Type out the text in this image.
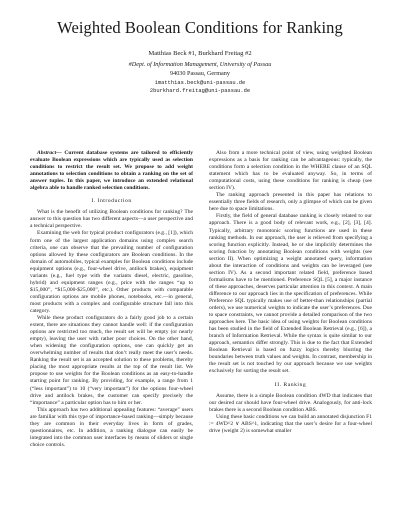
Weighted Boolean Conditions for Ranking
Matthias Beck #1, Burkhard Freitag #2
#Dept. of Information Management, University of Passau
94030 Passau, Germany
1matthias.beck@uni-passau.de
2burkhard.freitag@uni-passau.de

Abstract— Current database systems are tailored to efficiently evaluate Boolean expressions which are typically used as selection conditions to restrict the result set. We propose to add weight annotations to selection conditions to obtain a ranking on the set of answer tuples. In this paper, we introduce an extended relational algebra able to handle ranked selection conditions.

I. Introduction

What is the benefit of utilizing Boolean conditions for ranking? The answer to this question has two different aspects—a user perspective and a technical perspective.

Examining the web for typical product configurators (e.g., [1]), which form one of the largest application domains using complex search criteria, one can observe that the prevailing number of configuration options allowed by these configurators are Boolean conditions. In the domain of automobiles, typical examples for Boolean conditions include equipment options (e.g., four-wheel drive, antilock brakes), equipment variants (e.g., fuel type with the variants diesel, electric, gasoline, hybrid) and equipment ranges (e.g., price with the ranges “up to $15,000”, “$15,000-$25,000”, etc.). Other products with comparable configuration options are mobile phones, notebooks, etc.—in general, most products with a complex and configurable structure fall into this category.

While these product configurators do a fairly good job to a certain extent, there are situations they cannot handle well: if the configuration options are restricted too much, the result set will be empty (or nearly empty), leaving the user with rather poor choices. On the other hand, when widening the configuration options, one can quickly get an overwhelming number of results that don’t really meet the user’s needs. Ranking the result set is an accepted solution to these problems, thereby placing the most appropriate results at the top of the result list. We propose to use weights for the Boolean conditions as an easy-to-handle starting point for ranking. By providing, for example, a range from 1 (“less important”) to 10 (“very important”) for the options four-wheel drive and antilock brakes, the customer can specify precisely the “importance” a particular option has to him or her.

This approach has two additional appealing features: “average” users are familiar with this type of importance-based ranking—simply because they are common in their everyday lives in form of grades, questionnaires, etc. In addition, a ranking dialogue can easily be integrated into the common user interfaces by means of sliders or single choice controls.

Also from a more technical point of view, using weighted Boolean expressions as a basis for ranking can be advantageous: typically, the conditions form a selection condition in the WHERE clause of an SQL statement which has to be evaluated anyway. So, in terms of computational costs, using these conditions for ranking is cheap (see section IV).

The ranking approach presented in this paper has relations to essentially three fields of research, only a glimpse of which can be given here due to space limitations.

Firstly, the field of general database ranking is closely related to our approach. There is a good body of relevant work, e.g., [2], [3], [4]. Typically, arbitrary monotonic scoring functions are used in these ranking methods. In our approach, the user is relieved from specifying a scoring function explicitly. Instead, he or she implicitly determines the scoring function by annotating Boolean conditions with weights (see section II). When optimizing a weight annotated query, information about the interaction of conditions and weights can be leveraged (see section IV). As a second important related field, preference based formalisms have to be mentioned. Preference SQL [5], a major instance of these approaches, deserves particular attention in this context. A main difference to our approach lies in the specification of preferences. While Preference SQL typically makes use of better-than relationships (partial orders), we use numerical weights to indicate the user’s preferences. Due to space constraints, we cannot provide a detailed comparison of the two approaches here. The basic idea of using weights for Boolean conditions has been studied in the field of Extended Boolean Retrieval (e.g., [6]), a branch of Information Retrieval. While the syntax is quite similar to our approach, semantics differ strongly. This is due to the fact that Extended Boolean Retrieval is based on fuzzy logics thereby blurring the boundaries between truth values and weights. In contrast, membership in the result set is not touched by our approach because we use weights exclusively for sorting the result set.

II. Ranking

Assume, there is a simple Boolean condition 4WD that indicates that our desired car should have four-wheel drive. Analogously, for anti-lock brakes there is a second Boolean condition ABS.

Using these basic conditions we can build an annotated disjunction F1 := 4WD^2 ∨ ABS^1, indicating that the user’s desire for a four-wheel drive (weight 2) is somewhat smaller
